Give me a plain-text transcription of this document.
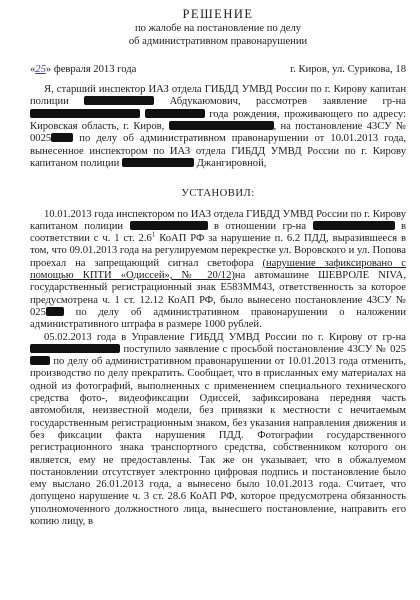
РЕШЕНИЕ

по жалобе на постановление по делу

об административном правонарушении

«25» февраля 2013 года	г. Киров, ул. Сурикова, 18

Я, старший инспектор ИАЗ отдела ГИБДД УМВД России по г. Кирову капитан полиции	Абдукаюмович, рассмотрев заявление гр-на   года рождения, проживающего по адресу: Кировская область, г. Киров,	, на постановление 43СУ № 0025	по делу об административном правонарушении от 10.01.2013 года, вынесенное инспектором по ИАЗ отдела ГИБДД УМВД России по г. Кирову капитаном полиции	Джангировной,

УСТАНОВИЛ:

10.01.2013 года инспектором по ИАЗ отдела ГИБДД УМВД России по г. Кирову капитаном полиции	в отношении гр-на	в соответствии с ч. 1 ст. $2.6^1$ КоАП РФ за нарушение п. 6.2 ПДД, выразившееся в том, что 09.01.2013 года на регулируемом перекрестке ул. Воровского и ул. Попова проехал на запрещающий сигнал светофора (нарушение зафиксировано с помощью КПТИ «Одиссей», № 20/12)на автомашине ШЕВРОЛЕ NIVA, государственный регистрационный знак Е583ММ43, ответственность за которое предусмотрена ч. 1 ст. 12.12 КоАП РФ, было вынесено постановление 43СУ № 025	по делу об административном правонарушении о наложении административного штрафа в размере 1000 рублей.

05.02.2013 года в Управление ГИБДД УМВД России по г. Кирову от гр-на  поступило заявление с просьбой постановление 43СУ № 025 по делу об административном правонарушении от 10.01.2013 года отменить, производство по делу прекратить. Сообщает, что в присланных ему материалах на одной из фотографий, выполненных с применением специального технического средства фото-, видеофиксации Одиссей, зафиксирована передняя часть автомобиля, неизвестной модели, без привязки к местности с нечитаемым государственным регистрационным знаком, без указания направления движения и без фиксации факта нарушения ПДД. Фотографии государственного регистрационного знака транспортного средства, собственником которого он является, ему не предоставлены. Так же он указывает, что в обжалуемом постановлении отсутствует электронно цифровая подпись и постановление было ему выслано 26.01.2013 года, а вынесено было 10.01.2013 года. Считает, что допущено нарушение ч. 3 ст. 28.6 КоАП РФ, которое предусмотрена обязанность уполномоченного должностного лица, вынесшего постановление, направить его копию лицу, в
